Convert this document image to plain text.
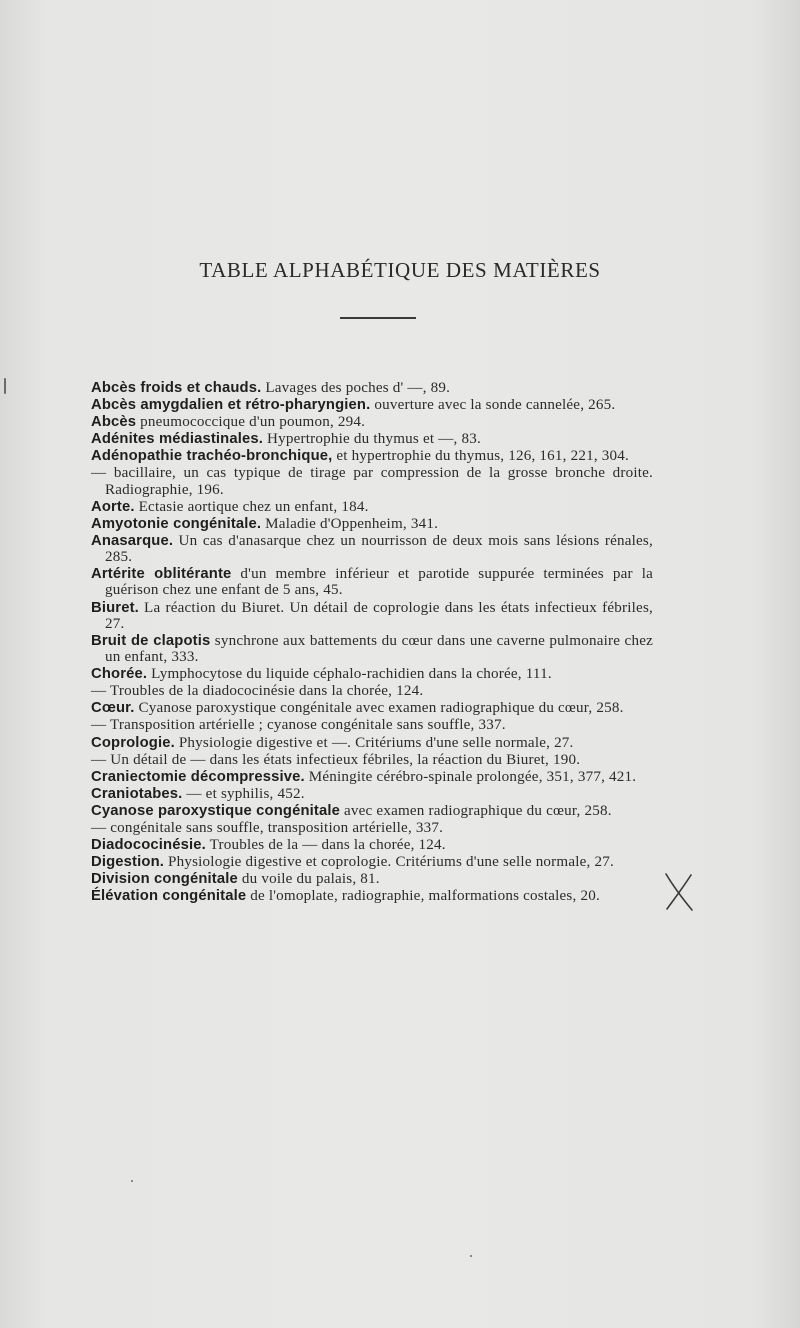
TABLE ALPHABÉTIQUE DES MATIÈRES

Abcès froids et chauds. Lavages des poches d' —, 89.

Abcès amygdalien et rétro-pharyngien. ouverture avec la sonde cannelée, 265.

Abcès pneumococcique d'un poumon, 294.

Adénites médiastinales. Hypertrophie du thymus et —, 83.

Adénopathie trachéo-bronchique, et hypertrophie du thymus, 126, 161, 221, 304.

— bacillaire, un cas typique de tirage par compression de la grosse bronche droite. Radiographie, 196.

Aorte. Ectasie aortique chez un enfant, 184.

Amyotonie congénitale. Maladie d'Oppenheim, 341.

Anasarque. Un cas d'anasarque chez un nourrisson de deux mois sans lésions rénales, 285.

Artérite oblitérante d'un membre inférieur et parotide suppurée terminées par la guérison chez une enfant de 5 ans, 45.

Biuret. La réaction du Biuret. Un détail de coprologie dans les états infectieux fébriles, 27.

Bruit de clapotis synchrone aux battements du cœur dans une caverne pulmonaire chez un enfant, 333.

Chorée. Lymphocytose du liquide céphalo-rachidien dans la chorée, 111.

— Troubles de la diadococinésie dans la chorée, 124.

Cœur. Cyanose paroxystique congénitale avec examen radiographique du cœur, 258.

— Transposition artérielle ; cyanose congénitale sans souffle, 337.

Coprologie. Physiologie digestive et —. Critériums d'une selle normale, 27.

— Un détail de — dans les états infectieux fébriles, la réaction du Biuret, 190.

Craniectomie décompressive. Méningite cérébro-spinale prolongée, 351, 377, 421.

Craniotabes. — et syphilis, 452.

Cyanose paroxystique congénitale avec examen radiographique du cœur, 258.

— congénitale sans souffle, transposition artérielle, 337.

Diadococinésie. Troubles de la — dans la chorée, 124.

Digestion. Physiologie digestive et coprologie. Critériums d'une selle normale, 27.

Division congénitale du voile du palais, 81.

Élévation congénitale de l'omoplate, radiographie, malformations costales, 20.
